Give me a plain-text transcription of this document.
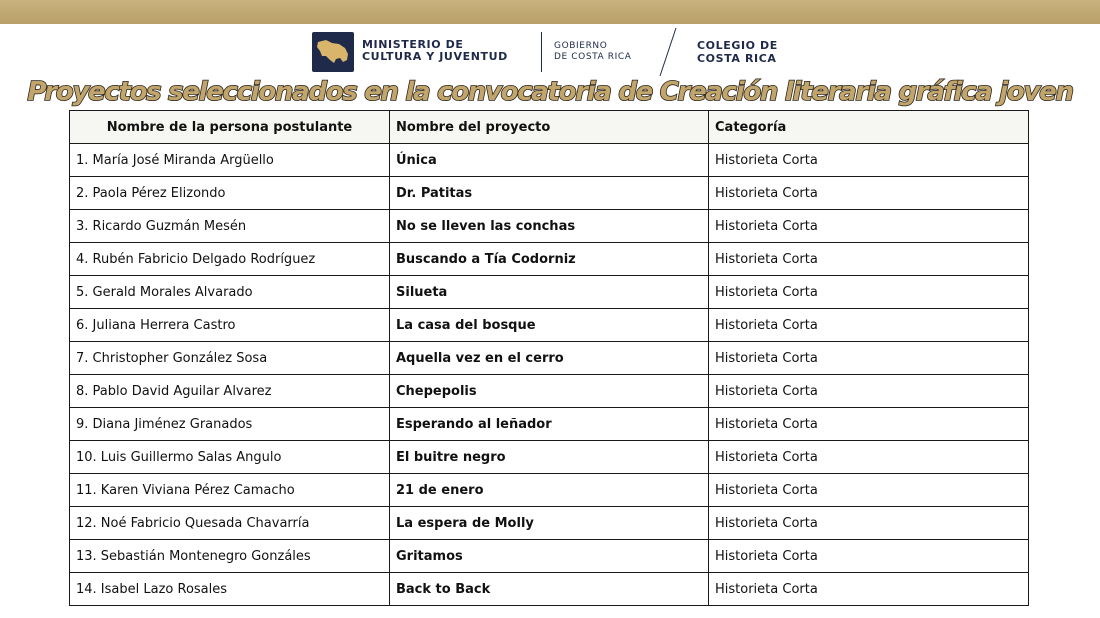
MINISTERIO DE
CULTURA Y JUVENTUD
GOBIERNO
DE COSTA RICA
COLEGIO DE
COSTA RICA
Proyectos seleccionados en la convocatoria de Creación literaria gráfica joven
Nombre de la persona postulante	Nombre del proyecto	Categoría
1. María José Miranda Argüello	Única	Historieta Corta
2. Paola Pérez Elizondo	Dr. Patitas	Historieta Corta
3. Ricardo Guzmán Mesén	No se lleven las conchas	Historieta Corta
4. Rubén Fabricio Delgado Rodríguez	Buscando a Tía Codorniz	Historieta Corta
5. Gerald Morales Alvarado	Silueta	Historieta Corta
6. Juliana Herrera Castro	La casa del bosque	Historieta Corta
7. Christopher González Sosa	Aquella vez en el cerro	Historieta Corta
8. Pablo David Aguilar Alvarez	Chepepolis	Historieta Corta
9. Diana Jiménez Granados	Esperando al leñador	Historieta Corta
10. Luis Guillermo Salas Angulo	El buitre negro	Historieta Corta
11. Karen Viviana Pérez Camacho	21 de enero	Historieta Corta
12. Noé Fabricio Quesada Chavarría	La espera de Molly	Historieta Corta
13. Sebastián Montenegro Gonzáles	Gritamos	Historieta Corta
14. Isabel Lazo Rosales	Back to Back	Historieta Corta
